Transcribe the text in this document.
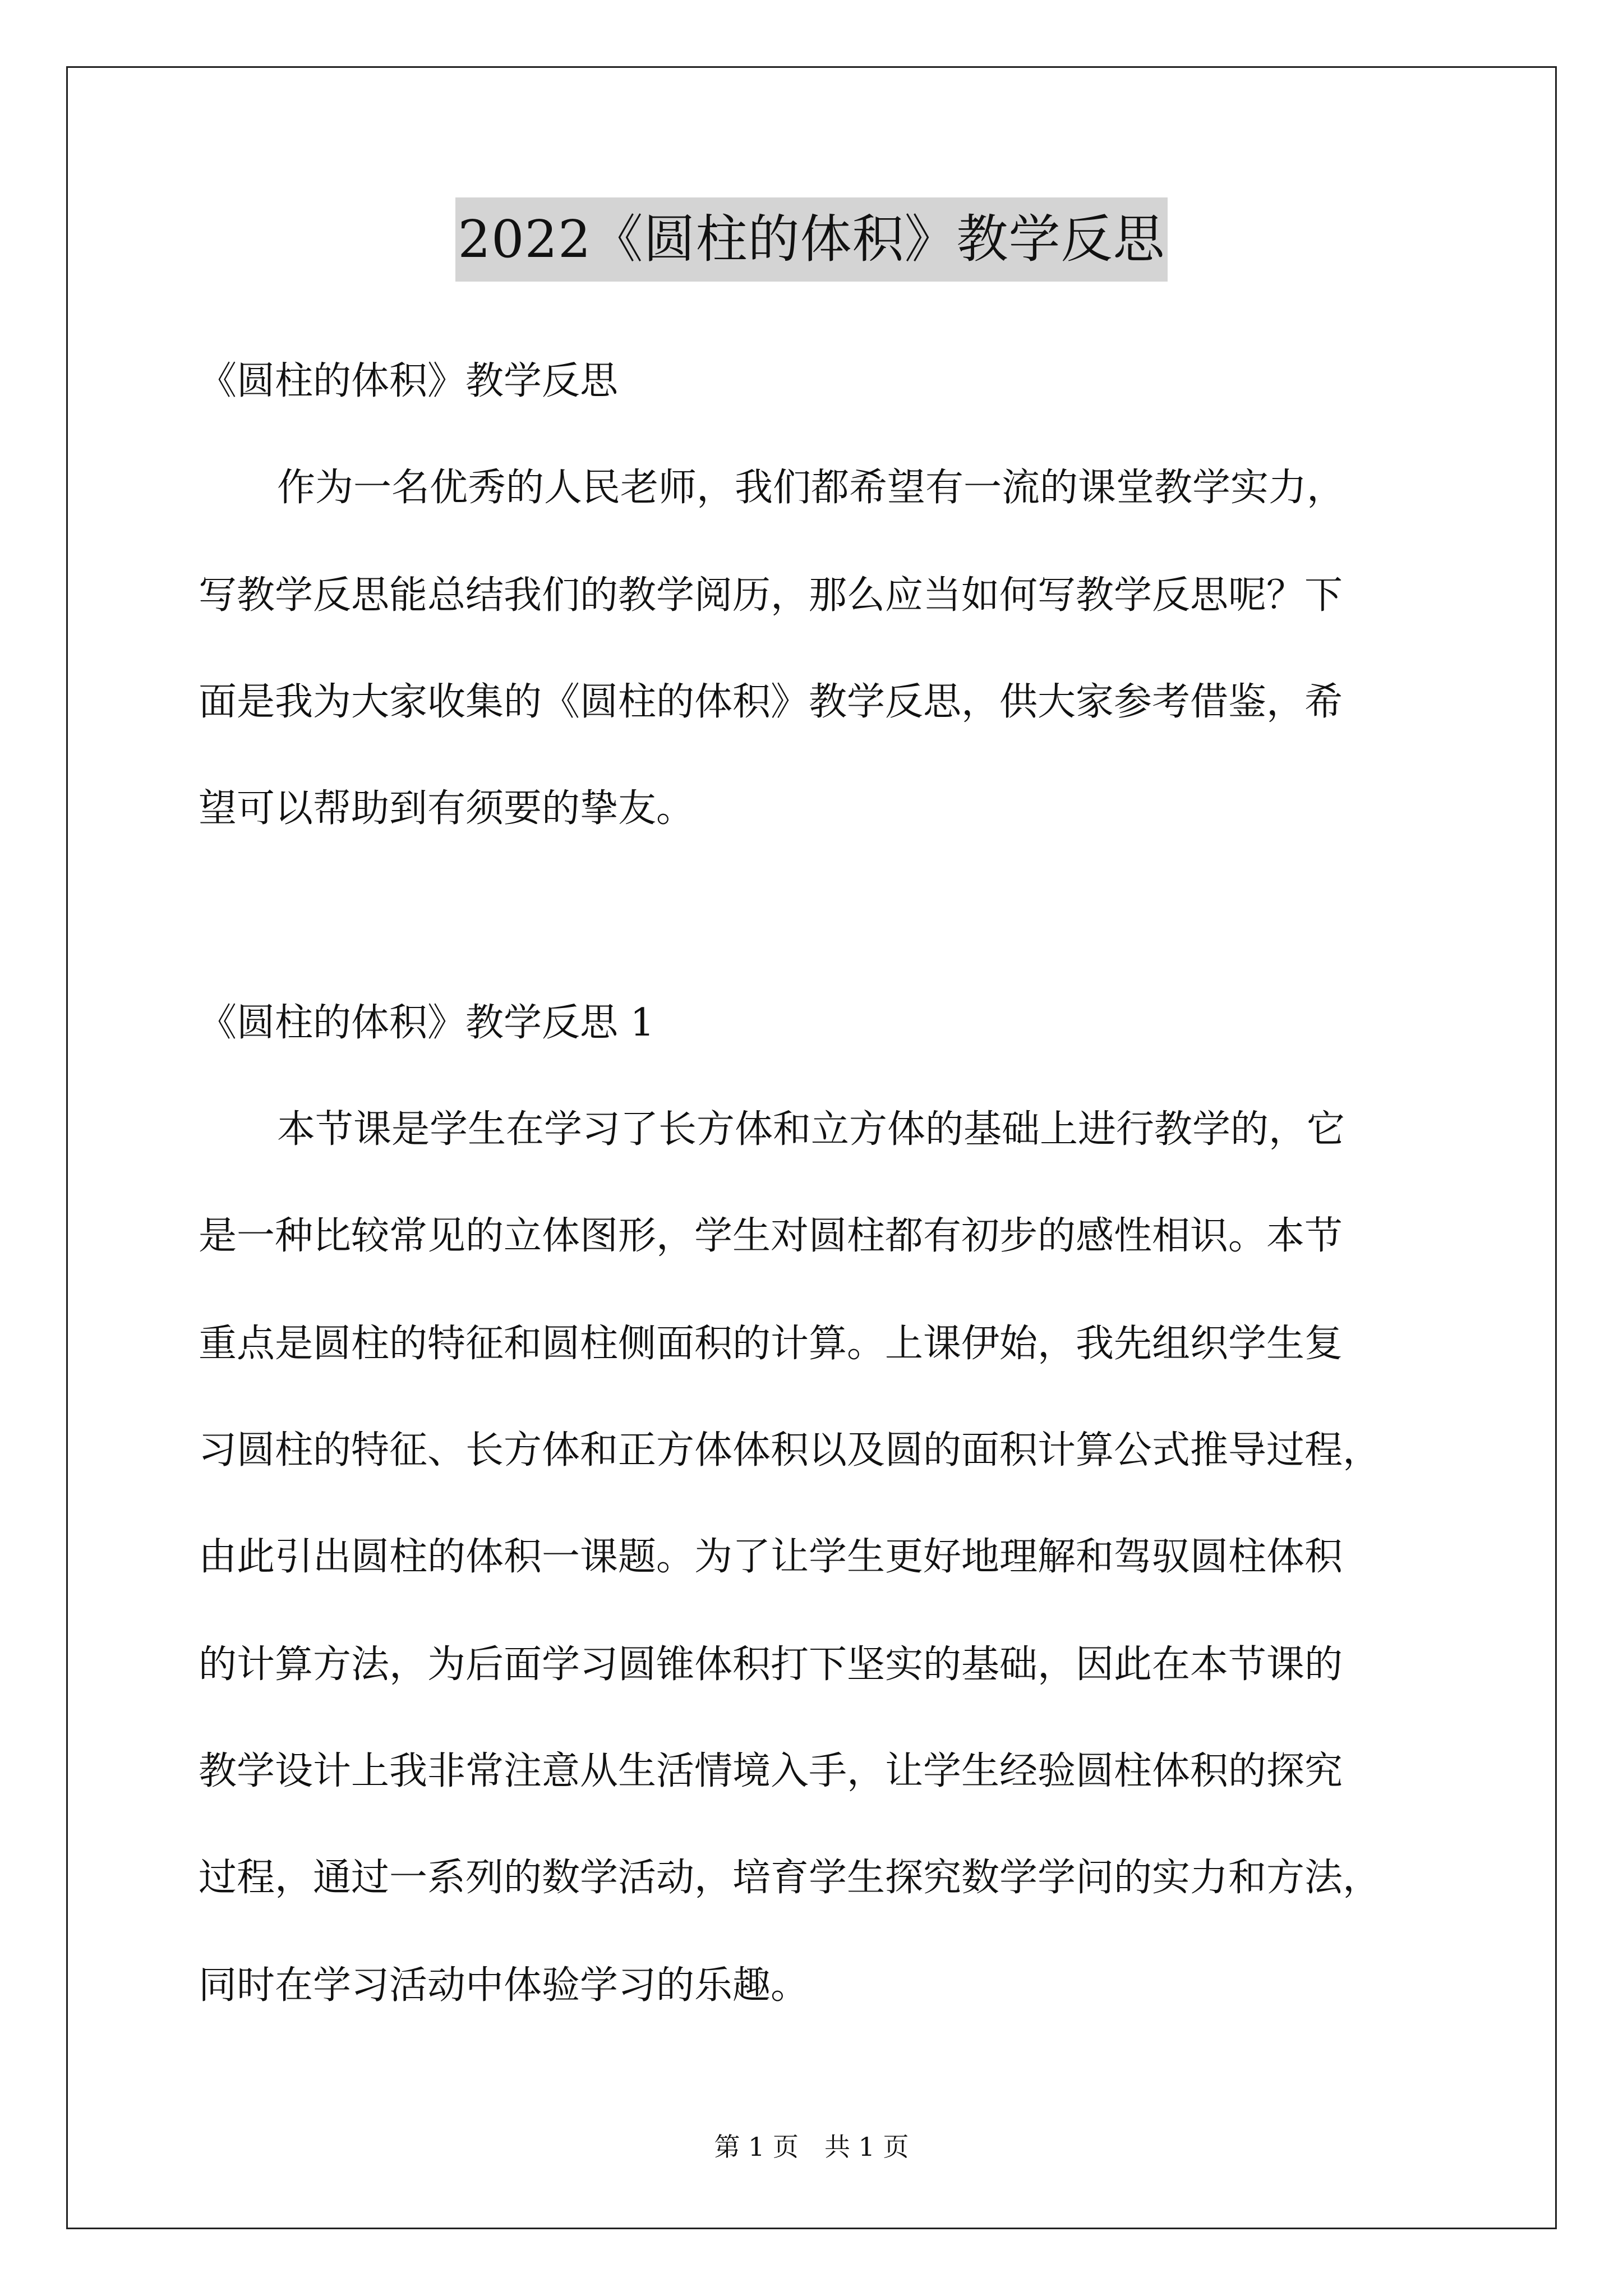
2022《圆柱的体积》教学反思
《圆柱的体积》教学反思
作为一名优秀的人民老师，我们都希望有一流的课堂教学实力，
写教学反思能总结我们的教学阅历，那么应当如何写教学反思呢？下
面是我为大家收集的《圆柱的体积》教学反思，供大家参考借鉴，希
望可以帮助到有须要的挚友。
《圆柱的体积》教学反思 1
本节课是学生在学习了长方体和立方体的基础上进行教学的，它
是一种比较常见的立体图形，学生对圆柱都有初步的感性相识。本节
重点是圆柱的特征和圆柱侧面积的计算。上课伊始，我先组织学生复
习圆柱的特征、长方体和正方体体积以及圆的面积计算公式推导过程，
由此引出圆柱的体积一课题。为了让学生更好地理解和驾驭圆柱体积
的计算方法，为后面学习圆锥体积打下坚实的基础，因此在本节课的
教学设计上我非常注意从生活情境入手，让学生经验圆柱体积的探究
过程，通过一系列的数学活动，培育学生探究数学学问的实力和方法，
同时在学习活动中体验学习的乐趣。
第 1 页　共 1 页
